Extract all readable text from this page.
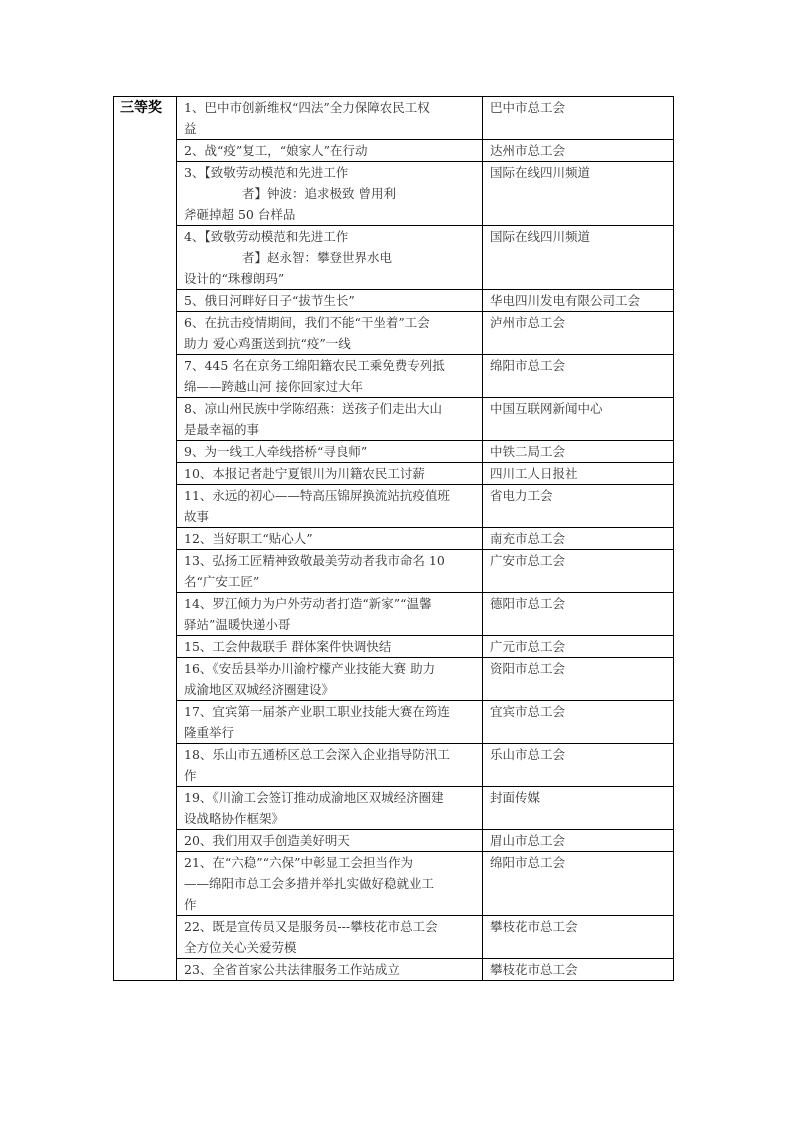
三等奖	1、巴中市创新维权“四法”全力保障农民工权
益	巴中市总工会

	2、战“疫”复工，“娘家人”在行动	达州市总工会

	3、【致敬劳动模范和先进工作
者】钟波：追求极致 曾用利
斧砸掉超 50 台样品	国际在线四川频道

	4、【致敬劳动模范和先进工作
者】赵永智：攀登世界水电
设计的“珠穆朗玛”	国际在线四川频道

	5、俄日河畔好日子“拔节生长”	华电四川发电有限公司工会

	6、在抗击疫情期间，我们不能“干坐着”工会
助力 爱心鸡蛋送到抗“疫”一线	泸州市总工会

	7、445 名在京务工绵阳籍农民工乘免费专列抵
绵——跨越山河 接你回家过大年	绵阳市总工会

	8、凉山州民族中学陈绍燕：送孩子们走出大山
是最幸福的事	中国互联网新闻中心

	9、为一线工人牵线搭桥“寻良师”	中铁二局工会

	10、本报记者赴宁夏银川为川籍农民工讨薪	四川工人日报社

	11、永远的初心——特高压锦屏换流站抗疫值班
故事	省电力工会

	12、当好职工“贴心人”	南充市总工会

	13、弘扬工匠精神致敬最美劳动者我市命名 10
名“广安工匠”	广安市总工会

	14、罗江倾力为户外劳动者打造“新家”“温馨
驿站”温暖快递小哥	德阳市总工会

	15、工会仲裁联手 群体案件快调快结	广元市总工会

	16、《安岳县举办川渝柠檬产业技能大赛 助力
成渝地区双城经济圈建设》	资阳市总工会

	17、宜宾第一届茶产业职工职业技能大赛在筠连
隆重举行	宜宾市总工会

	18、乐山市五通桥区总工会深入企业指导防汛工
作	乐山市总工会

	19、《川渝工会签订推动成渝地区双城经济圈建
设战略协作框架》	封面传媒

	20、我们用双手创造美好明天	眉山市总工会

	21、在“六稳”“六保”中彰显工会担当作为
——绵阳市总工会多措并举扎实做好稳就业工
作	绵阳市总工会

	22、既是宣传员又是服务员---攀枝花市总工会
全方位关心关爱劳模	攀枝花市总工会

	23、全省首家公共法律服务工作站成立	攀枝花市总工会
